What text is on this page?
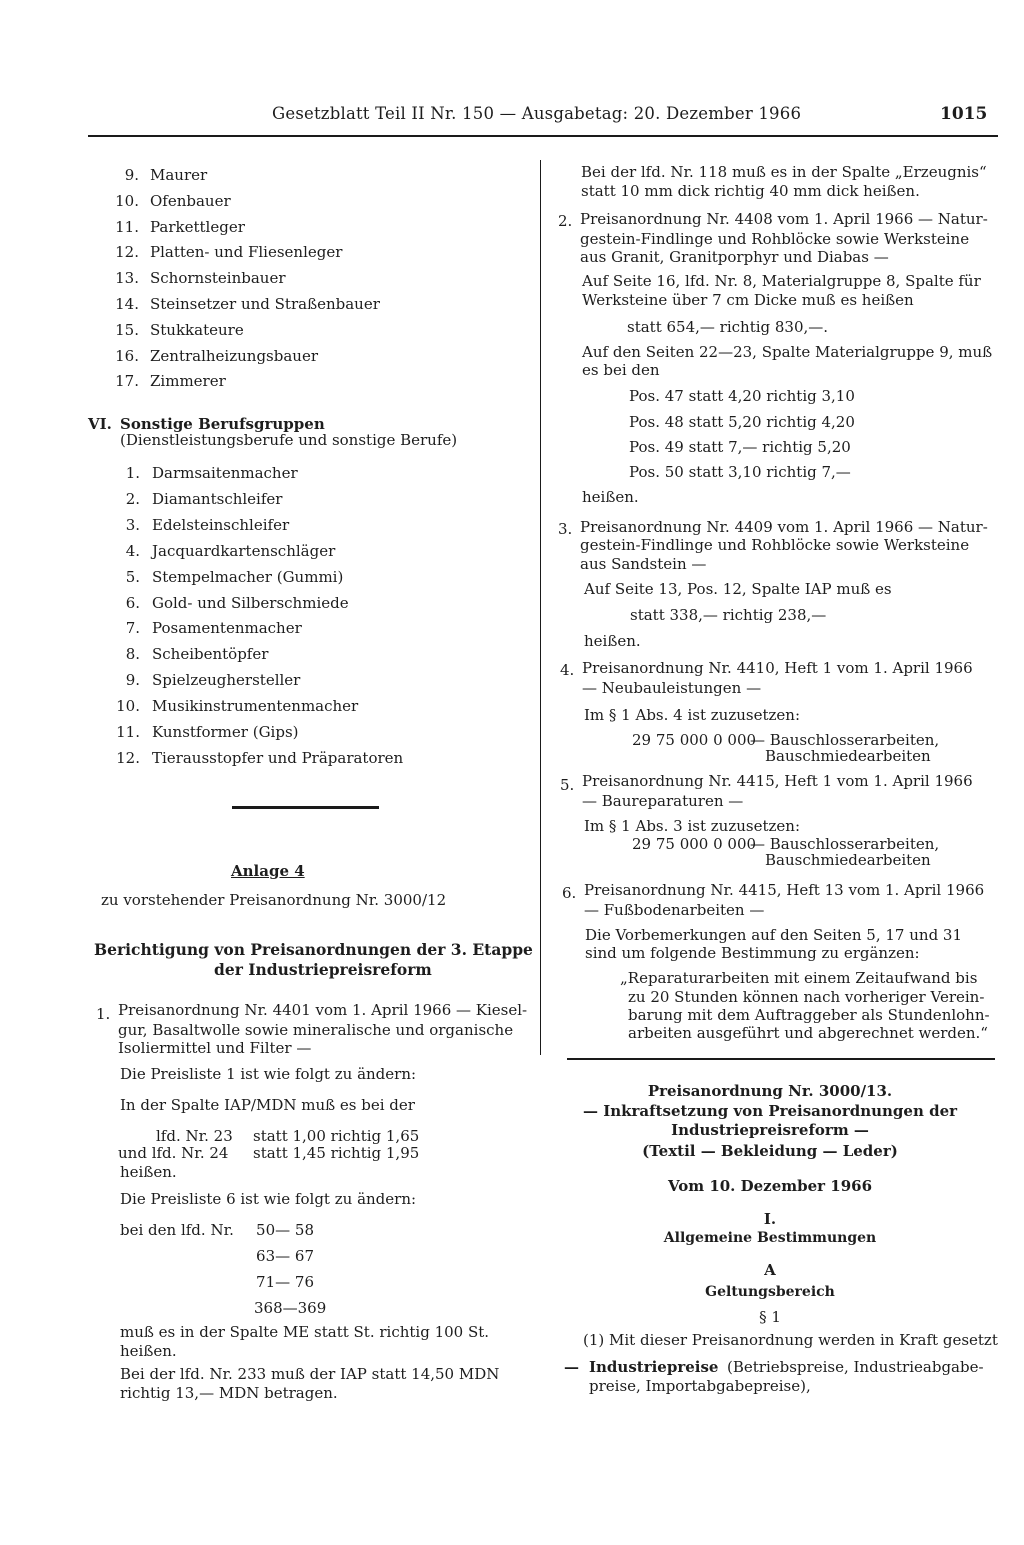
Gesetzblatt Teil II Nr. 150 — Ausgabetag: 20. Dezember 1966	1015
9. Maurer
10. Ofenbauer
11. Parkettleger
12. Platten- und Fliesenleger
13. Schornsteinbauer
14. Steinsetzer und Straßenbauer
15. Stukkateure
16. Zentralheizungsbauer
17. Zimmerer
VI. Sonstige Berufsgruppen
(Dienstleistungsberufe und sonstige Berufe)
1. Darmsaitenmacher
2. Diamantschleifer
3. Edelsteinschleifer
4. Jacquardkartenschläger
5. Stempelmacher (Gummi)
6. Gold- und Silberschmiede
7. Posamentenmacher
8. Scheibentöpfer
9. Spielzeughersteller
10. Musikinstrumentenmacher
11. Kunstformer (Gips)
12. Tierausstopfer und Präparatoren
Anlage 4
zu vorstehender Preisanordnung Nr. 3000/12
Berichtigung von Preisanordnungen der 3. Etappe
der Industriepreisreform
1. Preisanordnung Nr. 4401 vom 1. April 1966 — Kiesel-
gur, Basaltwolle sowie mineralische und organische
Isoliermittel und Filter —
Die Preisliste 1 ist wie folgt zu ändern:
In der Spalte IAP/MDN muß es bei der
lfd. Nr. 23 statt 1,00 richtig 1,65
und lfd. Nr. 24 statt 1,45 richtig 1,95
heißen.
Die Preisliste 6 ist wie folgt zu ändern:
bei den lfd. Nr. 50— 58
63— 67
71— 76
368—369
muß es in der Spalte ME statt St. richtig 100 St.
heißen.
Bei der lfd. Nr. 233 muß der IAP statt 14,50 MDN
richtig 13,— MDN betragen.
Bei der lfd. Nr. 118 muß es in der Spalte „Erzeugnis“
statt 10 mm dick richtig 40 mm dick heißen.
2. Preisanordnung Nr. 4408 vom 1. April 1966 — Natur-
gestein-Findlinge und Rohblöcke sowie Werksteine
aus Granit, Granitporphyr und Diabas —
Auf Seite 16, lfd. Nr. 8, Materialgruppe 8, Spalte für
Werksteine über 7 cm Dicke muß es heißen
statt 654,— richtig 830,—.
Auf den Seiten 22—23, Spalte Materialgruppe 9, muß
es bei den
Pos. 47 statt 4,20 richtig 3,10
Pos. 48 statt 5,20 richtig 4,20
Pos. 49 statt 7,— richtig 5,20
Pos. 50 statt 3,10 richtig 7,—
heißen.
3. Preisanordnung Nr. 4409 vom 1. April 1966 — Natur-
gestein-Findlinge und Rohblöcke sowie Werksteine
aus Sandstein —
Auf Seite 13, Pos. 12, Spalte IAP muß es
statt 338,— richtig 238,—
heißen.
4. Preisanordnung Nr. 4410, Heft 1 vom 1. April 1966
— Neubauleistungen —
Im § 1 Abs. 4 ist zuzusetzen:
29 75 000 0 000
— Bauschlosserarbeiten,
Bauschmiedearbeiten
5. Preisanordnung Nr. 4415, Heft 1 vom 1. April 1966
— Baureparaturen —
Im § 1 Abs. 3 ist zuzusetzen:
29 75 000 0 000
— Bauschlosserarbeiten,
Bauschmiedearbeiten
6. Preisanordnung Nr. 4415, Heft 13 vom 1. April 1966
— Fußbodenarbeiten —
Die Vorbemerkungen auf den Seiten 5, 17 und 31
sind um folgende Bestimmung zu ergänzen:
„Reparaturarbeiten mit einem Zeitaufwand bis
zu 20 Stunden können nach vorheriger Verein-
barung mit dem Auftraggeber als Stundenlohn-
arbeiten ausgeführt und abgerechnet werden.“
Preisanordnung Nr. 3000/13.
— Inkraftsetzung von Preisanordnungen der
Industriepreisreform —
(Textil — Bekleidung — Leder)
Vom 10. Dezember 1966
I.
Allgemeine Bestimmungen
A
Geltungsbereich
§ 1
(1) Mit dieser Preisanordnung werden in Kraft gesetzt
— Industriepreise (Betriebspreise, Industrieabgabe-
preise, Importabgabepreise),
